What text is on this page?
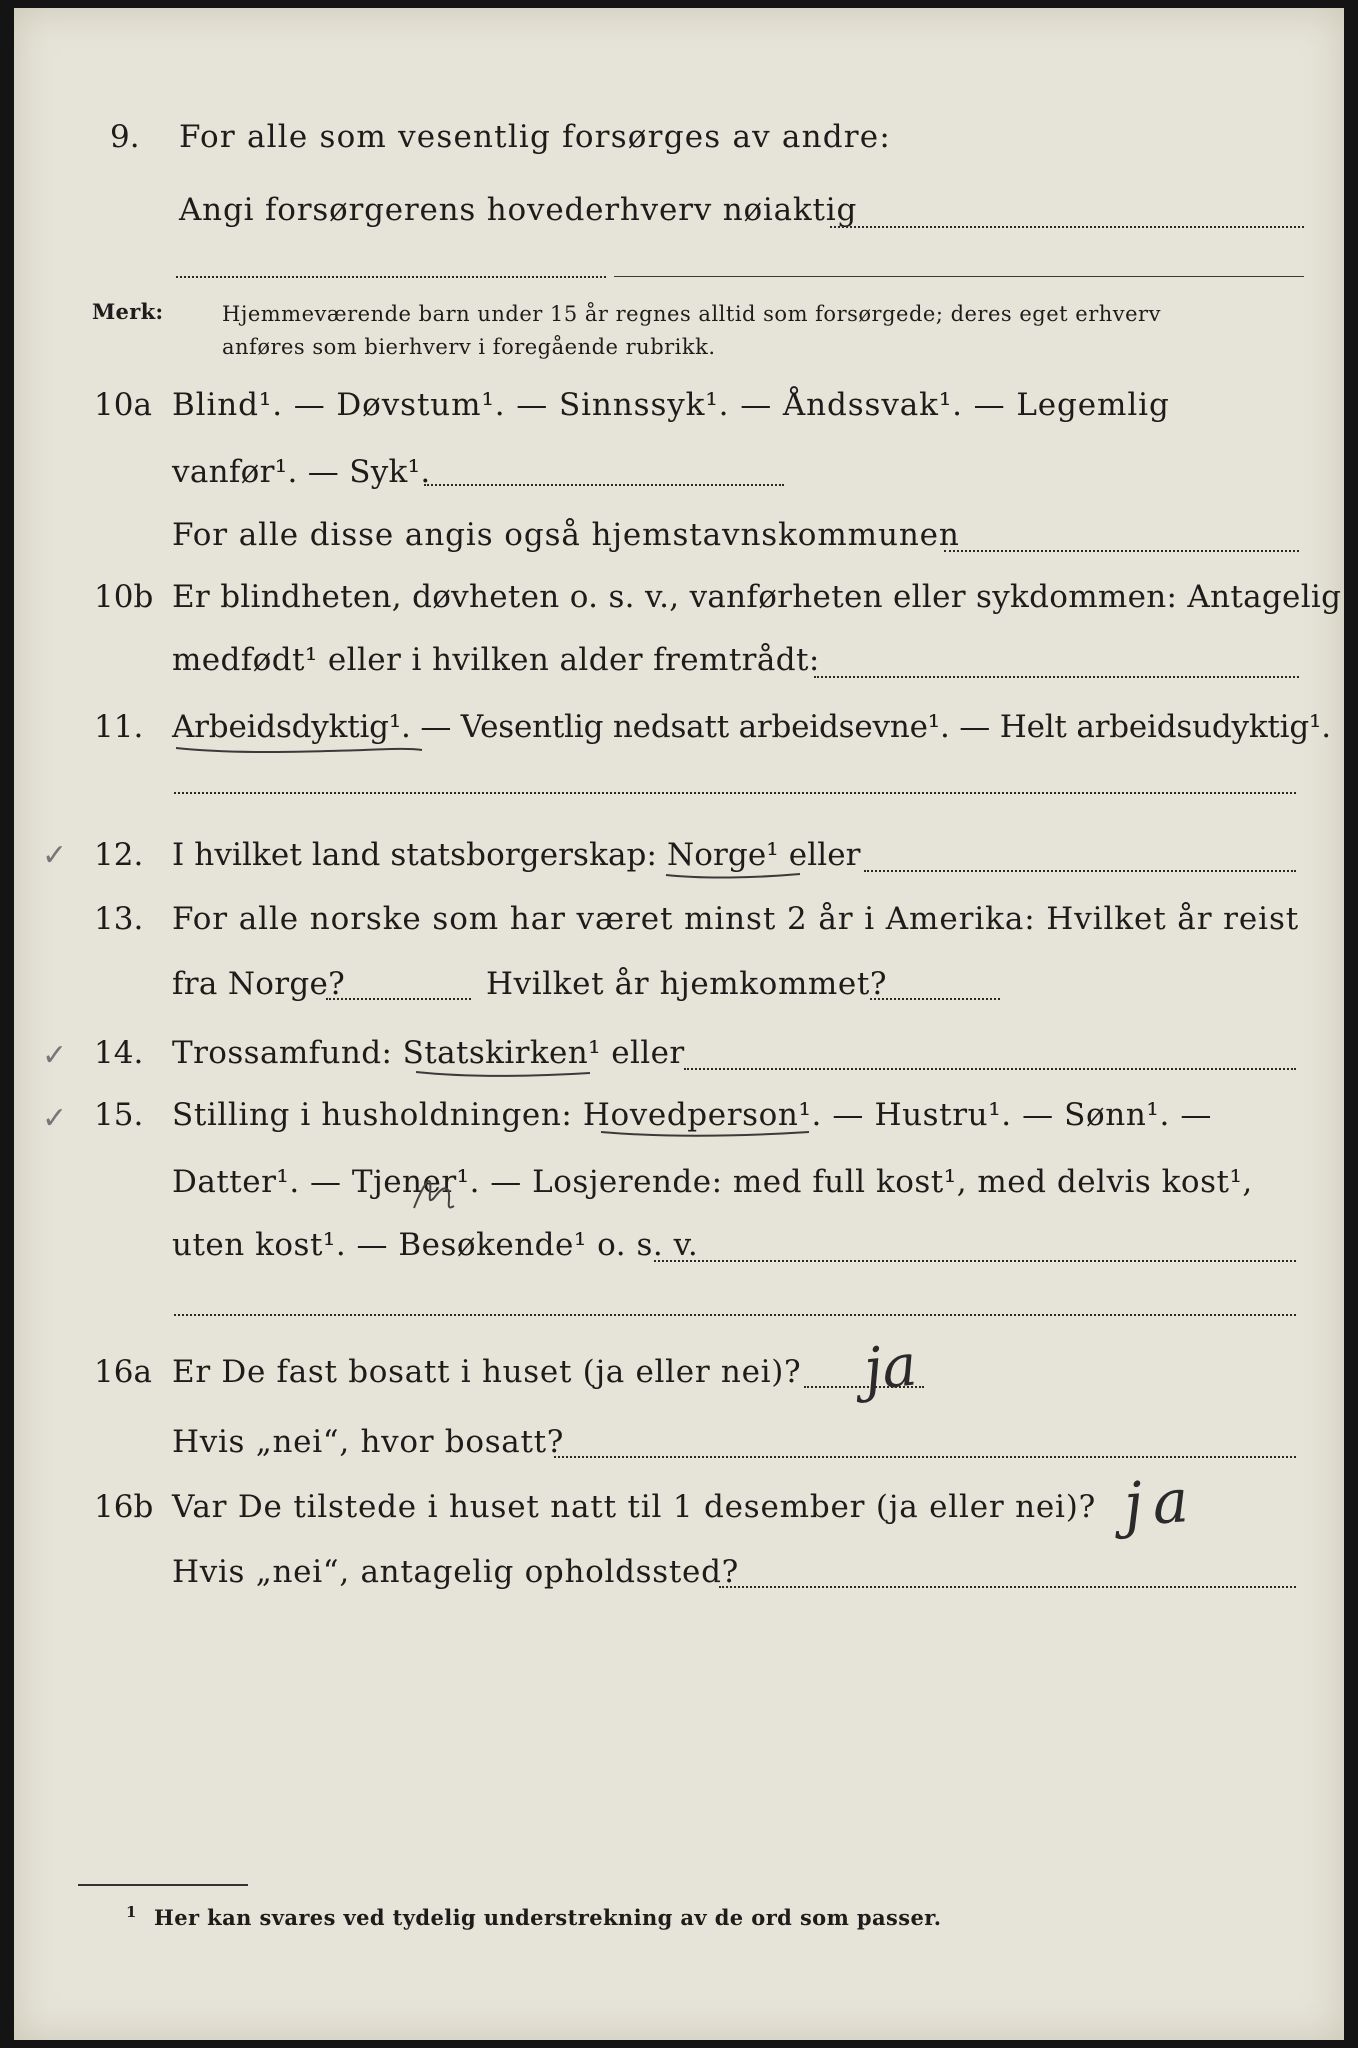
9. For alle som vesentlig forsørges av andre:
Angi forsørgerens hovederhverv nøiaktig
Merk:	Hjemmeværende barn under 15 år regnes alltid som forsørgede; deres eget erhverv
anføres som bierhverv i foregående rubrikk.
10a Blind¹. — Døvstum¹. — Sinnssyk¹. — Åndssvak¹. — Legemlig
vanfør¹. — Syk¹.
For alle disse angis også hjemstavnskommunen
10b Er blindheten, døvheten o. s. v., vanførheten eller sykdommen: Antagelig
medfødt¹ eller i hvilken alder fremtrådt:
11. Arbeidsdyktig¹. — Vesentlig nedsatt arbeidsevne¹. — Helt arbeidsudyktig¹.
✓ 12. I hvilket land statsborgerskap: Norge¹ eller
13. For alle norske som har været minst 2 år i Amerika: Hvilket år reist
fra Norge?	Hvilket år hjemkommet?
✓ 14. Trossamfund: Statskirken¹ eller
✓ 15. Stilling i husholdningen: Hovedperson¹. — Hustru¹. — Sønn¹. —
Datter¹. — Tjener¹. — Losjerende: med full kost¹, med delvis kost¹,
uten kost¹. — Besøkende¹ o. s. v.
16a Er De fast bosatt i huset (ja eller nei)? ja
Hvis „nei“, hvor bosatt?
16b Var De tilstede i huset natt til 1 desember (ja eller nei)? ja
Hvis „nei“, antagelig opholdssted?
1 Her kan svares ved tydelig understrekning av de ord som passer.
